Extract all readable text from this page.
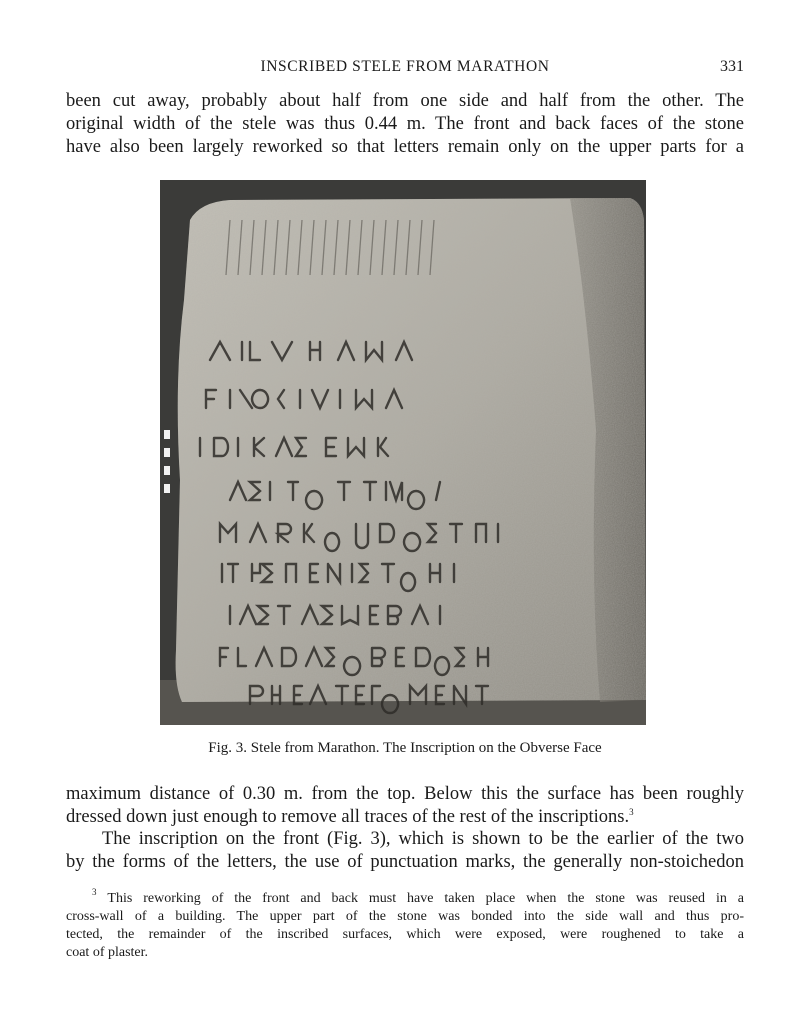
INSCRIBED STELE FROM MARATHON	331
been cut away, probably about half from one side and half from the other. The
original width of the stele was thus 0.44 m. The front and back faces of the stone
have also been largely reworked so that letters remain only on the upper parts for a
Fig. 3. Stele from Marathon. The Inscription on the Obverse Face
maximum distance of 0.30 m. from the top. Below this the surface has been roughly
dressed down just enough to remove all traces of the rest of the inscriptions.$^3$
The inscription on the front (Fig. 3), which is shown to be the earlier of the two
by the forms of the letters, the use of punctuation marks, the generally non-stoichedon
$^3$ This reworking of the front and back must have taken place when the stone was reused in a
cross-wall of a building. The upper part of the stone was bonded into the side wall and thus pro-
tected, the remainder of the inscribed surfaces, which were exposed, were roughened to take a
coat of plaster.
